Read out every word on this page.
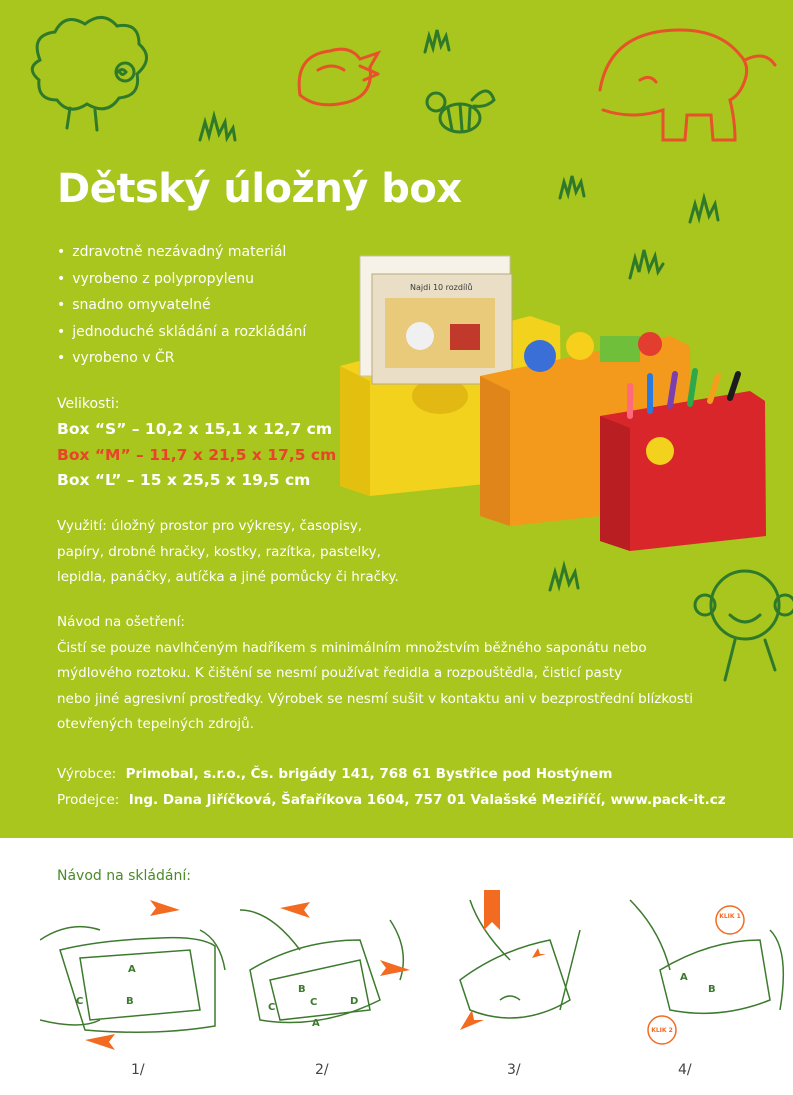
Dětský úložný box
• zdravotně nezávadný materiál
• vyrobeno z polypropylenu
• snadno omyvatelné
• jednoduché skládání a rozkládání
• vyrobeno v ČR
Najdi 10 rozdílů
Velikosti:
Box “S” – 10,2 x 15,1 x 12,7 cm
Box “M” – 11,7 x 21,5 x 17,5 cm
Box “L” – 15 x 25,5 x 19,5 cm
Využití: úložný prostor pro výkresy, časopisy,
papíry, drobné hračky, kostky, razítka, pastelky,
lepidla, panáčky, autíčka a jiné pomůcky či hračky.
Návod na ošetření:
Čistí se pouze navlhčeným hadříkem s minimálním množstvím běžného saponátu nebo
mýdlového roztoku. K čištění se nesmí používat ředidla a rozpouštědla, čisticí pasty
nebo jiné agresivní prostředky. Výrobek se nesmí sušit v kontaktu ani v bezprostřední blízkosti
otevřených tepelných zdrojů.
Výrobce: Primobal, s.r.o., Čs. brigády 141, 768 61 Bystřice pod Hostýnem
Prodejce: Ing. Dana Jiříčková, Šafaříkova 1604, 757 01 Valašské Meziříčí, www.pack-it.cz
Návod na skládání:
A
B
C
B
C
C
D
A
A
B
KLIK 1
KLIK 2
1/	2/	3/	4/
